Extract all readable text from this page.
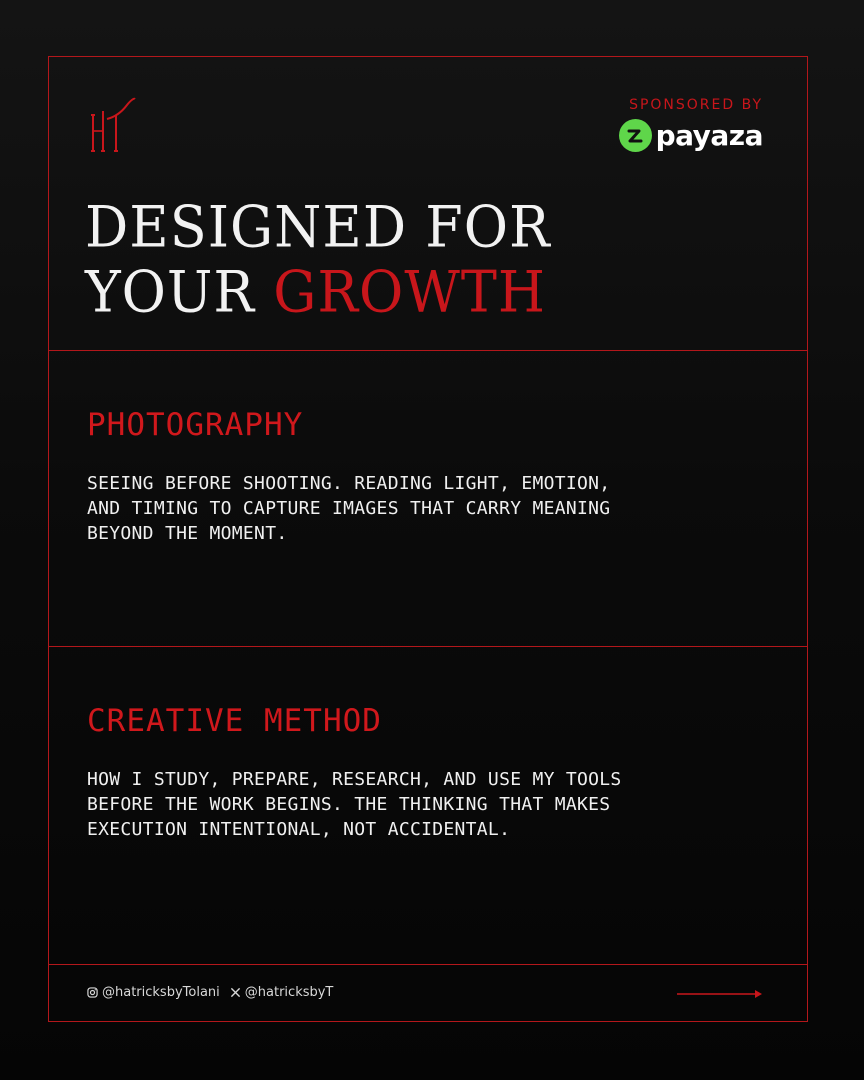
SPONSORED BY
payaza
DESIGNED FOR
YOUR GROWTH
PHOTOGRAPHY

SEEING BEFORE SHOOTING. READING LIGHT, EMOTION, AND TIMING TO CAPTURE IMAGES THAT CARRY MEANING BEYOND THE MOMENT.

CREATIVE METHOD

HOW I STUDY, PREPARE, RESEARCH, AND USE MY TOOLS BEFORE THE WORK BEGINS. THE THINKING THAT MAKES EXECUTION INTENTIONAL, NOT ACCIDENTAL.

@hatricksbyTolani @hatricksbyT
